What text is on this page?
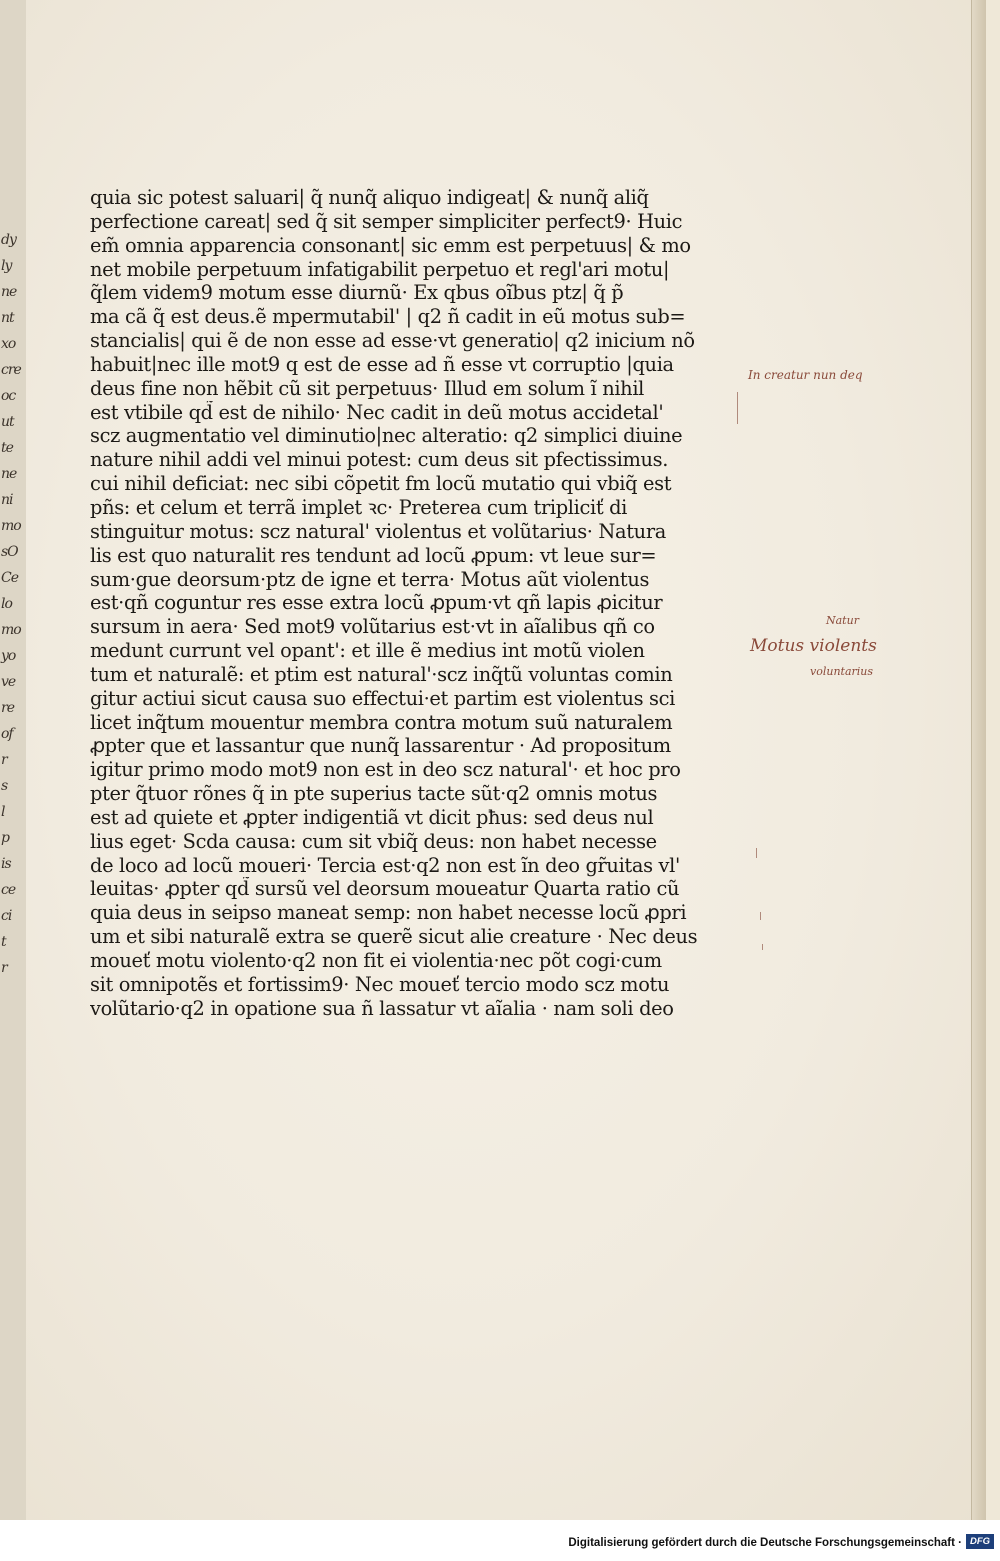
dy
ly
ne
nt
xo
cre
oc
ut
te
ne
ni
mo
sO
Ce
lo
mo
yo
ve
re
of
r
s
l
p
is
ce
ci
t
r
quia sic potest saluari| q̃ nunq̃ aliquo indigeat| & nunq̃ aliq̃
perfectione careat| sed q̃ sit semper simpliciter perfect9· Huic
em̃ omnia apparencia consonant| sic emm est perpetuus| & mo
net mobile perpetuum infatigabilit perpetuo et regl'ari motu|
q̃lem videm9 motum esse diurnũ· Ex qbus oĩbus ptz| q̃ p̃
ma cã q̃ est deus.ẽ mpermutabil' | q2 ñ cadit in eũ motus sub=
stancialis| qui ẽ de non esse ad esse·vt generatio| q2 inicium nõ
habuit|nec ille mot9 q est de esse ad ñ esse vt corruptio |quia
deus fine non hẽbit cũ sit perpetuus· Illud em solum ĩ nihil
est vtibile qd̃ est de nihilo· Nec cadit in deũ motus accidetal'
scz augmentatio vel diminutio|nec alteratio: q2 simplici diuine
nature nihil addi vel minui potest: cum deus sit pfectissimus.
cui nihil deficiat: nec sibi cõpetit fm locũ mutatio qui vbiq̃ est
pñs: et celum et terrã implet ꝛc· Preterea cum tripliciť di
stinguitur motus: scz natural' violentus et volũtarius· Natura
lis est quo naturalit res tendunt ad locũ ꝓpum: vt leue sur=
sum·gue deorsum·ptz de igne et terra· Motus aũt violentus
est·qñ coguntur res esse extra locũ ꝓpum·vt qñ lapis ꝓicitur
sursum in aera· Sed mot9 volũtarius est·vt in aĩalibus qñ co
medunt currunt vel opant': et ille ẽ medius int motũ violen
tum et naturalẽ: et ptim est natural'·scz inq̃tũ voluntas comin
gitur actiui sicut causa suo effectui·et partim est violentus sci
licet inq̃tum mouentur membra contra motum suũ naturalem
ꝓpter que et lassantur que nunq̃ lassarentur · Ad propositum
igitur primo modo mot9 non est in deo scz natural'· et hoc pro
pter q̃tuor rõnes q̃ in pte superius tacte sũt·q2 omnis motus
est ad quiete et ꝓpter indigentiã vt dicit pħus: sed deus nul
lius eget· Scda causa: cum sit vbiq̃ deus: non habet necesse
de loco ad locũ moueri· Tercia est·q2 non est ĩn deo gr̃uitas vl'
leuitas· ꝓpter qd̃ sursũ vel deorsum moueatur Quarta ratio cũ
quia deus in seipso maneat semp: non habet necesse locũ ꝓpri
um et sibi naturalẽ extra se querẽ sicut alie creature · Nec deus
moueť motu violento·q2 non fit ei violentia·nec põt cogi·cum
sit omnipotẽs et fortissim9· Nec moueť tercio modo scz motu
volũtario·q2 in opatione sua ñ lassatur vt aĩalia · nam soli deo
In creatur nun deq
Natur
Motus violents
voluntarius
Digitalisierung gefördert durch die Deutsche Forschungsgemeinschaft · DFG
